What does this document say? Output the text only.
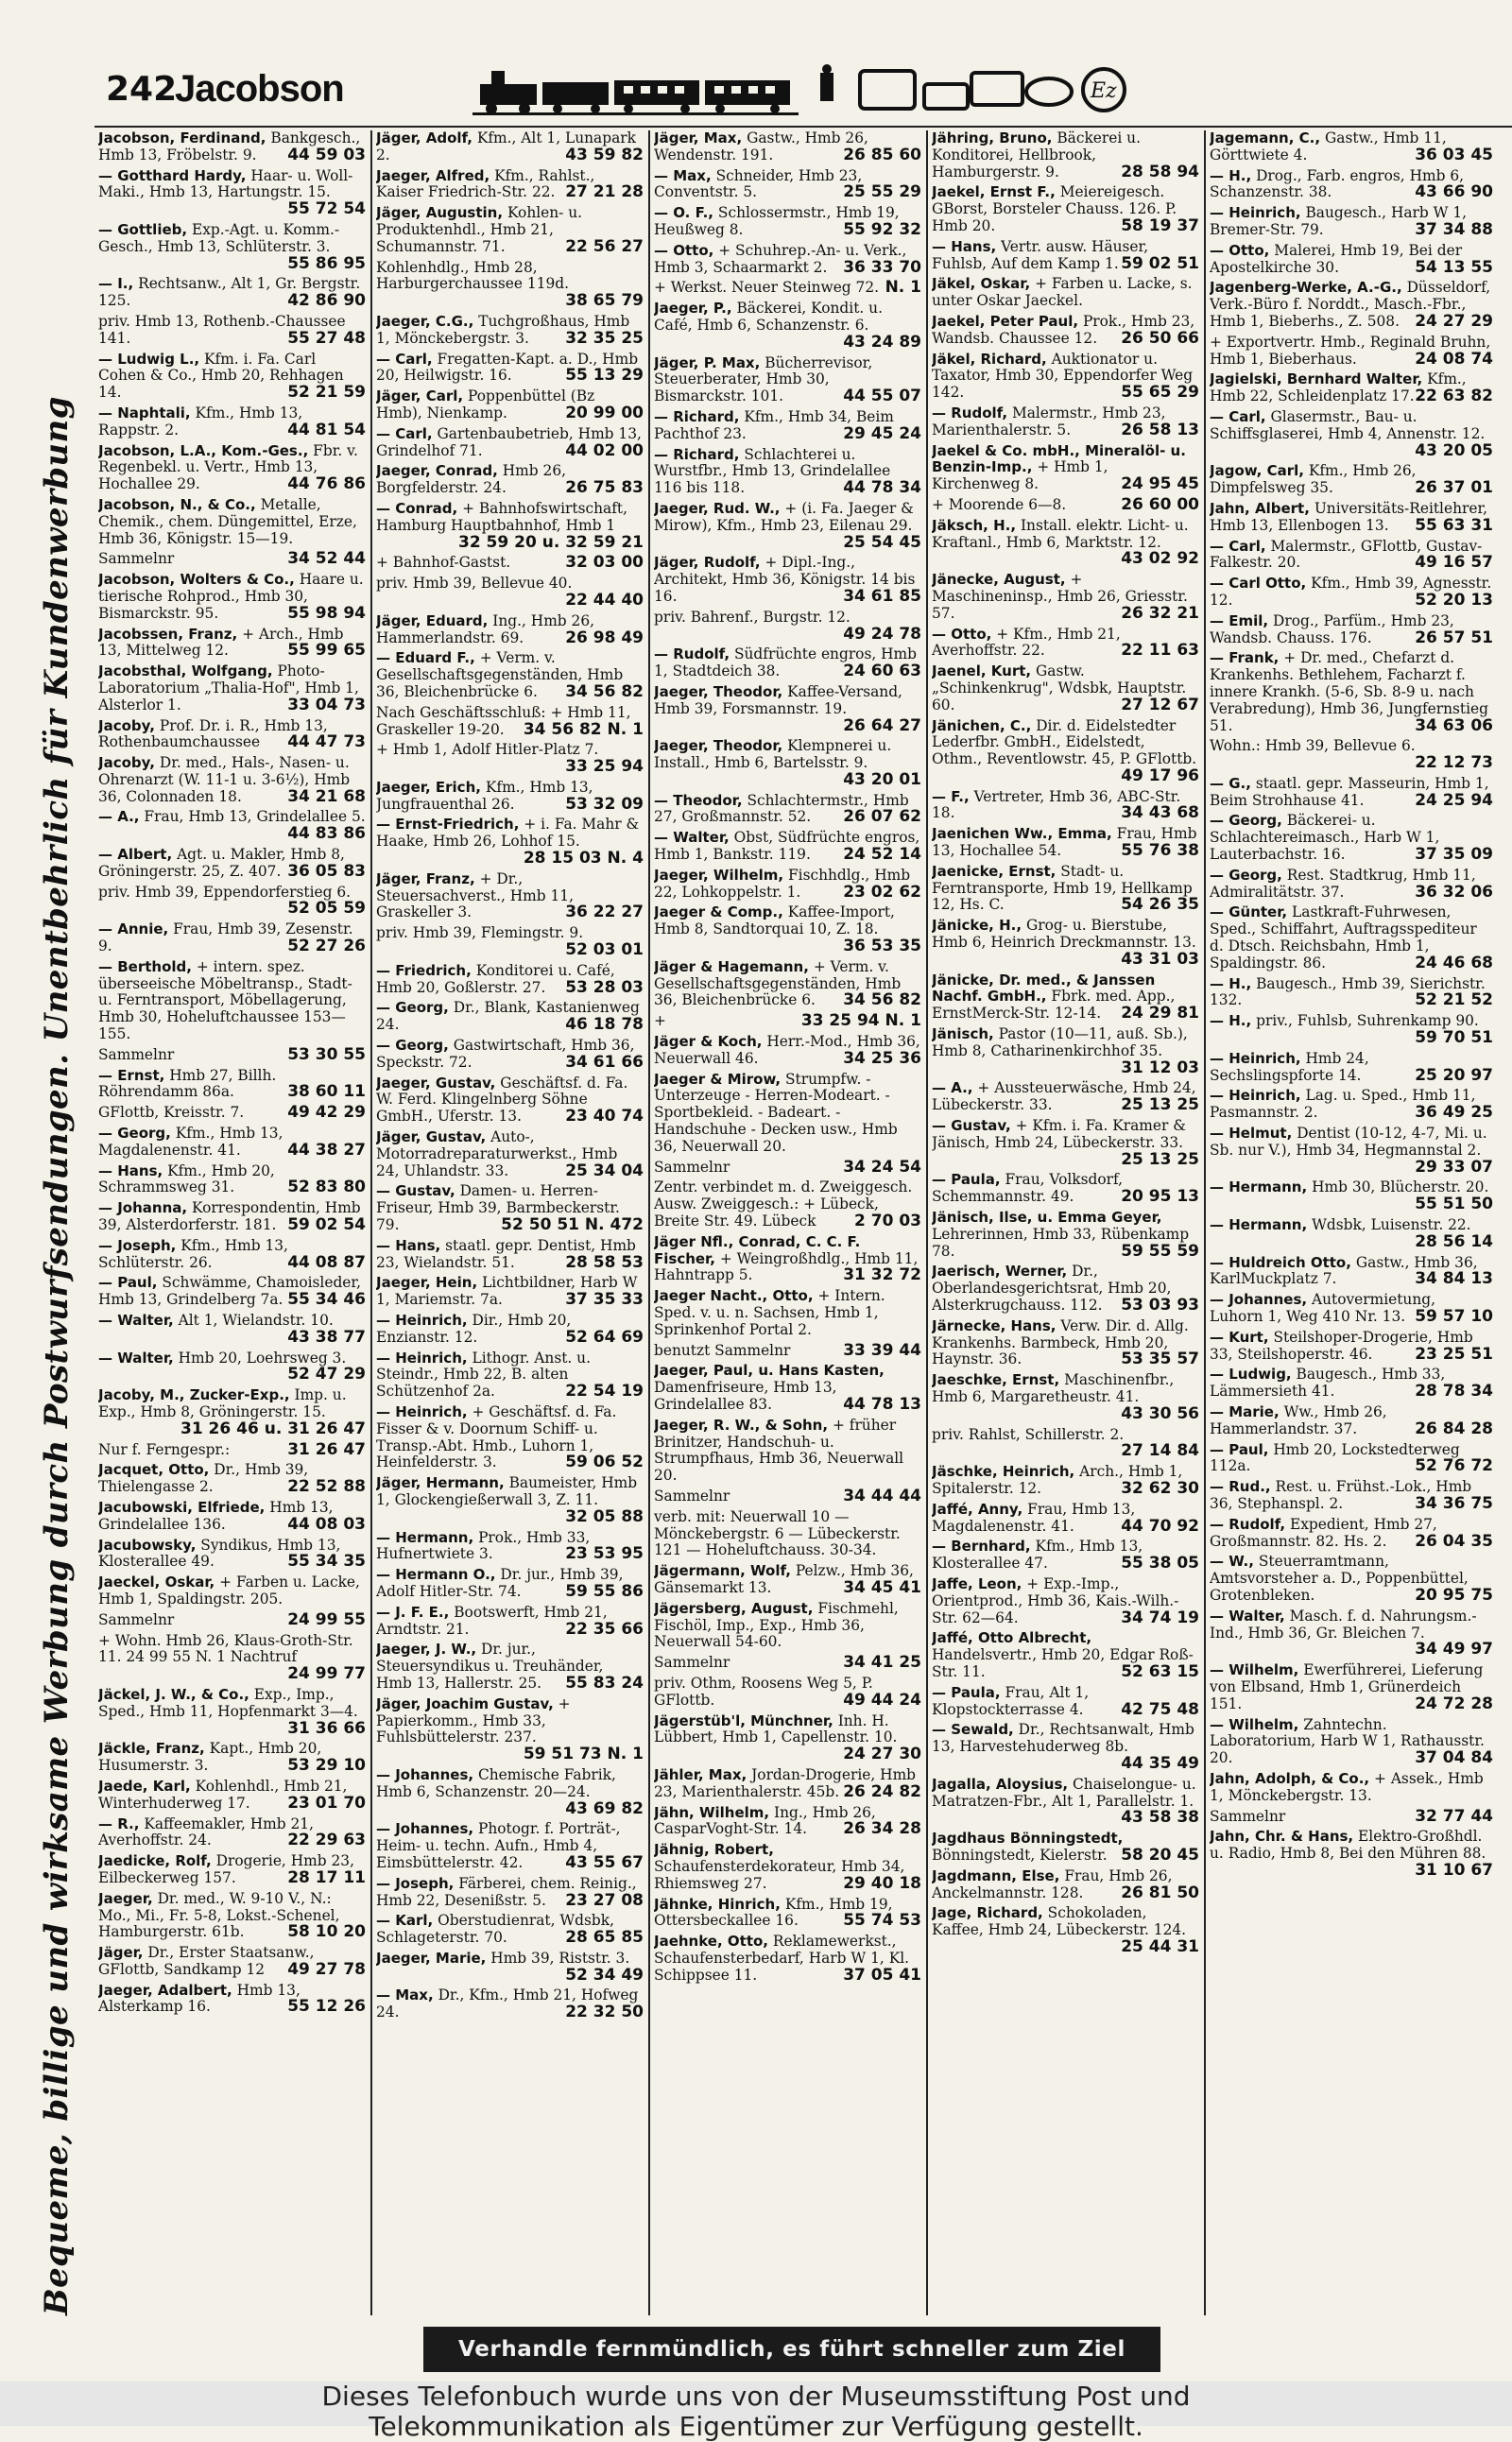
242
Jacobson	Ez
Bequeme, billige und wirksame Werbung durch Postwurfsendungen. Unentbehrlich für Kundenwerbung
Jacobson, Ferdinand, Bankgesch., Hmb 13, Fröbelstr. 9. 44 59 03
— Gotthard Hardy, Haar- u. Woll-Maki., Hmb 13, Hartungstr. 15.
55 72 54
— Gottlieb, Exp.-Agt. u. Komm.-Gesch., Hmb 13, Schlüterstr. 3.
55 86 95
— I., Rechtsanw., Alt 1, Gr. Bergstr. 125.	42 86 90
priv. Hmb 13, Rothenb.-Chaussee 141.	55 27 48
— Ludwig L., Kfm. i. Fa. Carl Cohen & Co., Hmb 20, Rehhagen 14.	52 21 59
— Naphtali, Kfm., Hmb 13, Rappstr. 2.	44 81 54
Jacobson, L.A., Kom.-Ges., Fbr. v. Regenbekl. u. Vertr., Hmb 13, Hochallee 29.	44 76 86
Jacobson, N., & Co., Metalle, Chemik., chem. Düngemittel, Erze, Hmb 36, Königstr. 15—19.
Sammelnr	34 52 44
Jacobson, Wolters & Co., Haare u. tierische Rohprod., Hmb 30, Bismarckstr. 95.	55 98 94
Jacobssen, Franz, + Arch., Hmb 13, Mittelweg 12.	55 99 65
Jacobsthal, Wolfgang, Photo-Laboratorium „Thalia-Hof", Hmb 1, Alsterlor 1.	33 04 73
Jacoby, Prof. Dr. i. R., Hmb 13, Rothenbaumchaussee 44 47 73
Jacoby, Dr. med., Hals-, Nasen- u. Ohrenarzt (W. 11-1 u. 3-6½), Hmb 36, Colonnaden 18.	34 21 68
— A., Frau, Hmb 13, Grindelallee 5.
44 83 86
— Albert, Agt. u. Makler, Hmb 8, Gröningerstr. 25, Z. 407. 36 05 83
priv. Hmb 39, Eppendorferstieg 6.
52 05 59
— Annie, Frau, Hmb 39, Zesenstr. 9.	52 27 26
— Berthold, + intern. spez. überseeische Möbeltransp., Stadt- u. Ferntransport, Möbellagerung, Hmb 30, Hoheluftchaussee 153—155.
Sammelnr	53 30 55
— Ernst, Hmb 27, Billh. Röhrendamm 86a.	38 60 11
GFlottb, Kreisstr. 7.	49 42 29
— Georg, Kfm., Hmb 13, Magdalenenstr. 41.	44 38 27
— Hans, Kfm., Hmb 20, Schrammsweg 31.	52 83 80
— Johanna, Korrespondentin, Hmb 39, Alsterdorferstr. 181. 59 02 54
— Joseph, Kfm., Hmb 13, Schlüterstr. 26.	44 08 87
— Paul, Schwämme, Chamoisleder, Hmb 13, Grindelberg 7a. 55 34 46
— Walter, Alt 1, Wielandstr. 10.
43 38 77
— Walter, Hmb 20, Loehrsweg 3.
52 47 29
Jacoby, M., Zucker-Exp., Imp. u. Exp., Hmb 8, Gröningerstr. 15.
31 26 46 u. 31 26 47
Nur f. Ferngespr.:	31 26 47
Jacquet, Otto, Dr., Hmb 39, Thielengasse 2.	22 52 88
Jacubowski, Elfriede, Hmb 13, Grindelallee 136.	44 08 03
Jacubowsky, Syndikus, Hmb 13, Klosterallee 49.	55 34 35
Jaeckel, Oskar, + Farben u. Lacke, Hmb 1, Spaldingstr. 205.
Sammelnr	24 99 55
+ Wohn. Hmb 26, Klaus-Groth-Str. 11. 24 99 55 N. 1 Nachtruf
24 99 77
Jäckel, J. W., & Co., Exp., Imp., Sped., Hmb 11, Hopfenmarkt 3—4.
31 36 66
Jäckle, Franz, Kapt., Hmb 20, Husumerstr. 3.	53 29 10
Jaede, Karl, Kohlenhdl., Hmb 21, Winterhuderweg 17. 23 01 70
— R., Kaffeemakler, Hmb 21, Averhoffstr. 24.	22 29 63
Jaedicke, Rolf, Drogerie, Hmb 23, Eilbeckerweg 157.	28 17 11
Jaeger, Dr. med., W. 9-10 V., N.: Mo., Mi., Fr. 5-8, Lokst.-Schenel, Hamburgerstr. 61b.	58 10 20
Jäger, Dr., Erster Staatsanw., GFlottb, Sandkamp 12 49 27 78
Jaeger, Adalbert, Hmb 13, Alsterkamp 16.	55 12 26
Jäger, Adolf, Kfm., Alt 1, Lunapark 2.	43 59 82
Jaeger, Alfred, Kfm., Rahlst., Kaiser Friedrich-Str. 22. 27 21 28
Jäger, Augustin, Kohlen- u. Produktenhdl., Hmb 21, Schumannstr. 71.	22 56 27
Kohlenhdlg., Hmb 28, Harburgerchaussee 119d.
38 65 79
Jaeger, C.G., Tuchgroßhaus, Hmb 1, Mönckebergstr. 3. 32 35 25
— Carl, Fregatten-Kapt. a. D., Hmb 20, Heilwigstr. 16.	55 13 29
Jäger, Carl, Poppenbüttel (Bz Hmb), Nienkamp.	20 99 00
— Carl, Gartenbaubetrieb, Hmb 13, Grindelhof 71.	44 02 00
Jaeger, Conrad, Hmb 26, Borgfelderstr. 24.	26 75 83
— Conrad, + Bahnhofswirtschaft, Hamburg Hauptbahnhof, Hmb 1
32 59 20 u. 32 59 21
+ Bahnhof-Gastst.	32 03 00
priv. Hmb 39, Bellevue 40.
22 44 40
Jäger, Eduard, Ing., Hmb 26, Hammerlandstr. 69.	26 98 49
— Eduard F., + Verm. v. Gesellschaftsgegenständen, Hmb 36, Bleichenbrücke 6. 34 56 82
Nach Geschäftsschluß: + Hmb 11, Graskeller 19-20. 34 56 82 N. 1
+ Hmb 1, Adolf Hitler-Platz 7.
33 25 94
Jaeger, Erich, Kfm., Hmb 13, Jungfrauenthal 26.	53 32 09
— Ernst-Friedrich, + i. Fa. Mahr & Haake, Hmb 26, Lohhof 15.
28 15 03 N. 4
Jäger, Franz, + Dr., Steuersachverst., Hmb 11, Graskeller 3.	36 22 27
priv. Hmb 39, Flemingstr. 9.
52 03 01
— Friedrich, Konditorei u. Café, Hmb 20, Goßlerstr. 27. 53 28 03
— Georg, Dr., Blank, Kastanienweg 24.	46 18 78
— Georg, Gastwirtschaft, Hmb 36, Speckstr. 72.	34 61 66
Jaeger, Gustav, Geschäftsf. d. Fa. W. Ferd. Klingelnberg Söhne GmbH., Uferstr. 13.	23 40 74
Jäger, Gustav, Auto-, Motorradreparaturwerkst., Hmb 24, Uhlandstr. 33.	25 34 04
— Gustav, Damen- u. Herren-Friseur, Hmb 39, Barmbeckerstr. 79.	52 50 51 N. 472
— Hans, staatl. gepr. Dentist, Hmb 23, Wielandstr. 51.	28 58 53
Jaeger, Hein, Lichtbildner, Harb W 1, Mariemstr. 7a.	37 35 33
— Heinrich, Dir., Hmb 20, Enzianstr. 12.	52 64 69
— Heinrich, Lithogr. Anst. u. Steindr., Hmb 22, B. alten Schützenhof 2a.	22 54 19
— Heinrich, + Geschäftsf. d. Fa. Fisser & v. Doornum Schiff- u. Transp.-Abt. Hmb., Luhorn 1, Heinfelderstr. 3.	59 06 52
Jäger, Hermann, Baumeister, Hmb 1, Glockengießerwall 3, Z. 11.
32 05 88
— Hermann, Prok., Hmb 33, Hufnertwiete 3.	23 53 95
— Hermann O., Dr. jur., Hmb 39, Adolf Hitler-Str. 74.	59 55 86
— J. F. E., Bootswerft, Hmb 21, Arndtstr. 21.	22 35 66
Jaeger, J. W., Dr. jur., Steuersyndikus u. Treuhänder, Hmb 13, Hallerstr. 25. 55 83 24
Jäger, Joachim Gustav, + Papierkomm., Hmb 33, Fuhlsbüttelerstr. 237.
59 51 73 N. 1
— Johannes, Chemische Fabrik, Hmb 6, Schanzenstr. 20—24.
43 69 82
— Johannes, Photogr. f. Porträt-, Heim- u. techn. Aufn., Hmb 4, Eimsbüttelerstr. 42.	43 55 67
— Joseph, Färberei, chem. Reinig., Hmb 22, Desenißstr. 5. 23 27 08
— Karl, Oberstudienrat, Wdsbk, Schlageterstr. 70.	28 65 85
Jaeger, Marie, Hmb 39, Riststr. 3.
52 34 49
— Max, Dr., Kfm., Hmb 21, Hofweg 24.	22 32 50
Jäger, Max, Gastw., Hmb 26, Wendenstr. 191.	26 85 60
— Max, Schneider, Hmb 23, Conventstr. 5.	25 55 29
— O. F., Schlossermstr., Hmb 19, Heußweg 8.	55 92 32
— Otto, + Schuhrep.-An- u. Verk., Hmb 3, Schaarmarkt 2. 36 33 70
+ Werkst. Neuer Steinweg 72. N. 1
Jaeger, P., Bäckerei, Kondit. u. Café, Hmb 6, Schanzenstr. 6.
43 24 89
Jäger, P. Max, Bücherrevisor, Steuerberater, Hmb 30, Bismarckstr. 101.	44 55 07
— Richard, Kfm., Hmb 34, Beim Pachthof 23.	29 45 24
— Richard, Schlachterei u. Wurstfbr., Hmb 13, Grindelallee 116 bis 118.	44 78 34
Jaeger, Rud. W., + (i. Fa. Jaeger & Mirow), Kfm., Hmb 23, Eilenau 29.
25 54 45
Jäger, Rudolf, + Dipl.-Ing., Architekt, Hmb 36, Königstr. 14 bis 16.	34 61 85
priv. Bahrenf., Burgstr. 12.
49 24 78
— Rudolf, Südfrüchte engros, Hmb 1, Stadtdeich 38.	24 60 63
Jaeger, Theodor, Kaffee-Versand, Hmb 39, Forsmannstr. 19.
26 64 27
Jaeger, Theodor, Klempnerei u. Install., Hmb 6, Bartelsstr. 9.
43 20 01
— Theodor, Schlachtermstr., Hmb 27, Großmannstr. 52. 26 07 62
— Walter, Obst, Südfrüchte engros, Hmb 1, Bankstr. 119. 24 52 14
Jaeger, Wilhelm, Fischhdlg., Hmb 22, Lohkoppelstr. 1.	23 02 62
Jaeger & Comp., Kaffee-Import, Hmb 8, Sandtorquai 10, Z. 18.
36 53 35
Jäger & Hagemann, + Verm. v. Gesellschaftsgegenständen, Hmb 36, Bleichenbrücke 6. 34 56 82
+	33 25 94 N. 1
Jäger & Koch, Herr.-Mod., Hmb 36, Neuerwall 46.	34 25 36
Jaeger & Mirow, Strumpfw. - Unterzeuge - Herren-Modeart. - Sportbekleid. - Badeart. - Handschuhe - Decken usw., Hmb 36, Neuerwall 20.
Sammelnr	34 24 54
Zentr. verbindet m. d. Zweiggesch. Ausw. Zweiggesch.: + Lübeck, Breite Str. 49. Lübeck 2 70 03
Jäger Nfl., Conrad, C. C. F. Fischer, + Weingroßhdlg., Hmb 11, Hahntrapp 5.	31 32 72
Jaeger Nacht., Otto, + Intern. Sped. v. u. n. Sachsen, Hmb 1, Sprinkenhof Portal 2.
benutzt Sammelnr	33 39 44
Jaeger, Paul, u. Hans Kasten, Damenfriseure, Hmb 13, Grindelallee 83.	44 78 13
Jaeger, R. W., & Sohn, + früher Brinitzer, Handschuh- u. Strumpfhaus, Hmb 36, Neuerwall 20.
Sammelnr	34 44 44
verb. mit: Neuerwall 10 — Mönckebergstr. 6 — Lübeckerstr. 121 — Hoheluftchauss. 30-34.
Jägermann, Wolf, Pelzw., Hmb 36, Gänsemarkt 13.	34 45 41
Jägersberg, August, Fischmehl, Fischöl, Imp., Exp., Hmb 36, Neuerwall 54-60.
Sammelnr	34 41 25
priv. Othm, Roosens Weg 5, P. GFlottb.	49 44 24
Jägerstüb'l, Münchner, Inh. H. Lübbert, Hmb 1, Capellenstr. 10.
24 27 30
Jähler, Max, Jordan-Drogerie, Hmb 23, Marienthalerstr. 45b. 26 24 82
Jähn, Wilhelm, Ing., Hmb 26, CasparVoght-Str. 14. 26 34 28
Jähnig, Robert, Schaufensterdekorateur, Hmb 34, Rhiemsweg 27.	29 40 18
Jähnke, Hinrich, Kfm., Hmb 19, Ottersbeckallee 16.	55 74 53
Jaehnke, Otto, Reklamewerkst., Schaufensterbedarf, Harb W 1, Kl. Schippsee 11.	37 05 41
Jähring, Bruno, Bäckerei u. Konditorei, Hellbrook, Hamburgerstr. 9.	28 58 94
Jaekel, Ernst F., Meiereigesch. GBorst, Borsteler Chauss. 126. P. Hmb 20.	58 19 37
— Hans, Vertr. ausw. Häuser, Fuhlsb, Auf dem Kamp 1. 59 02 51
Jäkel, Oskar, + Farben u. Lacke, s. unter Oskar Jaeckel.
Jaekel, Peter Paul, Prok., Hmb 23, Wandsb. Chaussee 12. 26 50 66
Jäkel, Richard, Auktionator u. Taxator, Hmb 30, Eppendorfer Weg 142.	55 65 29
— Rudolf, Malermstr., Hmb 23, Marienthalerstr. 5.	26 58 13
Jaekel & Co. mbH., Mineralöl- u. Benzin-Imp., + Hmb 1, Kirchenweg 8.	24 95 45
+ Moorende 6—8.	26 60 00
Jäksch, H., Install. elektr. Licht- u. Kraftanl., Hmb 6, Marktstr. 12.
43 02 92
Jänecke, August, + Maschineninsp., Hmb 26, Griesstr. 57.	26 32 21
— Otto, + Kfm., Hmb 21, Averhoffstr. 22.	22 11 63
Jaenel, Kurt, Gastw. „Schinkenkrug", Wdsbk, Hauptstr. 60.	27 12 67
Jänichen, C., Dir. d. Eidelstedter Lederfbr. GmbH., Eidelstedt, Othm., Reventlowstr. 45, P. GFlottb.
49 17 96
— F., Vertreter, Hmb 36, ABC-Str. 18.	34 43 68
Jaenichen Ww., Emma, Frau, Hmb 13, Hochallee 54.	55 76 38
Jaenicke, Ernst, Stadt- u. Ferntransporte, Hmb 19, Hellkamp 12, Hs. C.	54 26 35
Jänicke, H., Grog- u. Bierstube, Hmb 6, Heinrich Dreckmannstr. 13.
43 31 03
Jänicke, Dr. med., & Janssen Nachf. GmbH., Fbrk. med. App., ErnstMerck-Str. 12-14. 24 29 81
Jänisch, Pastor (10—11, auß. Sb.), Hmb 8, Catharinenkirchhof 35.
31 12 03
— A., + Aussteuerwäsche, Hmb 24, Lübeckerstr. 33.	25 13 25
— Gustav, + Kfm. i. Fa. Kramer & Jänisch, Hmb 24, Lübeckerstr. 33.
25 13 25
— Paula, Frau, Volksdorf, Schemmannstr. 49.	20 95 13
Jänisch, Ilse, u. Emma Geyer, Lehrerinnen, Hmb 33, Rübenkamp 78.	59 55 59
Jaerisch, Werner, Dr., Oberlandesgerichtsrat, Hmb 20, Alsterkrugchauss. 112. 53 03 93
Järnecke, Hans, Verw. Dir. d. Allg. Krankenhs. Barmbeck, Hmb 20, Haynstr. 36.	53 35 57
Jaeschke, Ernst, Maschinenfbr., Hmb 6, Margaretheustr. 41.
43 30 56
priv. Rahlst, Schillerstr. 2.
27 14 84
Jäschke, Heinrich, Arch., Hmb 1, Spitalerstr. 12.	32 62 30
Jaffé, Anny, Frau, Hmb 13, Magdalenenstr. 41.	44 70 92
— Bernhard, Kfm., Hmb 13, Klosterallee 47.	55 38 05
Jaffe, Leon, + Exp.-Imp., Orientprod., Hmb 36, Kais.-Wilh.-Str. 62—64.	34 74 19
Jaffé, Otto Albrecht, Handelsvertr., Hmb 20, Edgar Roß-Str. 11.	52 63 15
— Paula, Frau, Alt 1, Klopstockterrasse 4. 42 75 48
— Sewald, Dr., Rechtsanwalt, Hmb 13, Harvestehuderweg 8b.
44 35 49
Jagalla, Aloysius, Chaiselongue- u. Matratzen-Fbr., Alt 1, Parallelstr. 1.
43 58 38
Jagdhaus Bönningstedt, Bönningstedt, Kielerstr. 58 20 45
Jagdmann, Else, Frau, Hmb 26, Anckelmannstr. 128. 26 81 50
Jage, Richard, Schokoladen, Kaffee, Hmb 24, Lübeckerstr. 124.
25 44 31
Jagemann, C., Gastw., Hmb 11, Görttwiete 4.	36 03 45
— H., Drog., Farb. engros, Hmb 6, Schanzenstr. 38.	43 66 90
— Heinrich, Baugesch., Harb W 1, Bremer-Str. 79.	37 34 88
— Otto, Malerei, Hmb 19, Bei der Apostelkirche 30.	54 13 55
Jagenberg-Werke, A.-G., Düsseldorf, Verk.-Büro f. Norddt., Masch.-Fbr., Hmb 1, Bieberhs., Z. 508. 24 27 29
+ Exportvertr. Hmb., Reginald Bruhn, Hmb 1, Bieberhaus.	24 08 74
Jagielski, Bernhard Walter, Kfm., Hmb 22, Schleidenplatz 17. 22 63 82
— Carl, Glasermstr., Bau- u. Schiffsglaserei, Hmb 4, Annenstr. 12.
43 20 05
Jagow, Carl, Kfm., Hmb 26, Dimpfelsweg 35.	26 37 01
Jahn, Albert, Universitäts-Reitlehrer, Hmb 13, Ellenbogen 13. 55 63 31
— Carl, Malermstr., GFlottb, Gustav-Falkestr. 20.	49 16 57
— Carl Otto, Kfm., Hmb 39, Agnesstr. 12.	52 20 13
— Emil, Drog., Parfüm., Hmb 23, Wandsb. Chauss. 176.	26 57 51
— Frank, + Dr. med., Chefarzt d. Krankenhs. Bethlehem, Facharzt f. innere Krankh. (5-6, Sb. 8-9 u. nach Verabredung), Hmb 36, Jungfernstieg 51.	34 63 06
Wohn.: Hmb 39, Bellevue 6.
22 12 73
— G., staatl. gepr. Masseurin, Hmb 1, Beim Strohhause 41.	24 25 94
— Georg, Bäckerei- u. Schlachtereimasch., Harb W 1, Lauterbachstr. 16.	37 35 09
— Georg, Rest. Stadtkrug, Hmb 11, Admiralitätstr. 37.	36 32 06
— Günter, Lastkraft-Fuhrwesen, Sped., Schiffahrt, Auftragsspediteur d. Dtsch. Reichsbahn, Hmb 1, Spaldingstr. 86.	24 46 68
— H., Baugesch., Hmb 39, Sierichstr. 132.	52 21 52
— H., priv., Fuhlsb, Suhrenkamp 90.
59 70 51
— Heinrich, Hmb 24, Sechslingspforte 14.	25 20 97
— Heinrich, Lag. u. Sped., Hmb 11, Pasmannstr. 2.	36 49 25
— Helmut, Dentist (10-12, 4-7, Mi. u. Sb. nur V.), Hmb 34, Hegmannstal 2.
29 33 07
— Hermann, Hmb 30, Blücherstr. 20.
55 51 50
— Hermann, Wdsbk, Luisenstr. 22.
28 56 14
— Huldreich Otto, Gastw., Hmb 36, KarlMuckplatz 7.	34 84 13
— Johannes, Autovermietung, Luhorn 1, Weg 410 Nr. 13. 59 57 10
— Kurt, Steilshoper-Drogerie, Hmb 33, Steilshoperstr. 46.	23 25 51
— Ludwig, Baugesch., Hmb 33, Lämmersieth 41.	28 78 34
— Marie, Ww., Hmb 26, Hammerlandstr. 37.	26 84 28
— Paul, Hmb 20, Lockstedterweg 112a.	52 76 72
— Rud., Rest. u. Frühst.-Lok., Hmb 36, Stephanspl. 2.	34 36 75
— Rudolf, Expedient, Hmb 27, Großmannstr. 82. Hs. 2. 26 04 35
— W., Steuerramtmann, Amtsvorsteher a. D., Poppenbüttel, Grotenbleken.	20 95 75
— Walter, Masch. f. d. Nahrungsm.-Ind., Hmb 36, Gr. Bleichen 7.
34 49 97
— Wilhelm, Ewerführerei, Lieferung von Elbsand, Hmb 1, Grünerdeich 151.	24 72 28
— Wilhelm, Zahntechn. Laboratorium, Harb W 1, Rathausstr. 20.	37 04 84
Jahn, Adolph, & Co., + Assek., Hmb 1, Mönckebergstr. 13.
Sammelnr	32 77 44
Jahn, Chr. & Hans, Elektro-Großhdl. u. Radio, Hmb 8, Bei den Mühren 88.
31 10 67
Verhandle fernmündlich, es führt schneller zum Ziel
Dieses Telefonbuch wurde uns von der Museumsstiftung Post und
Telekommunikation als Eigentümer zur Verfügung gestellt.
